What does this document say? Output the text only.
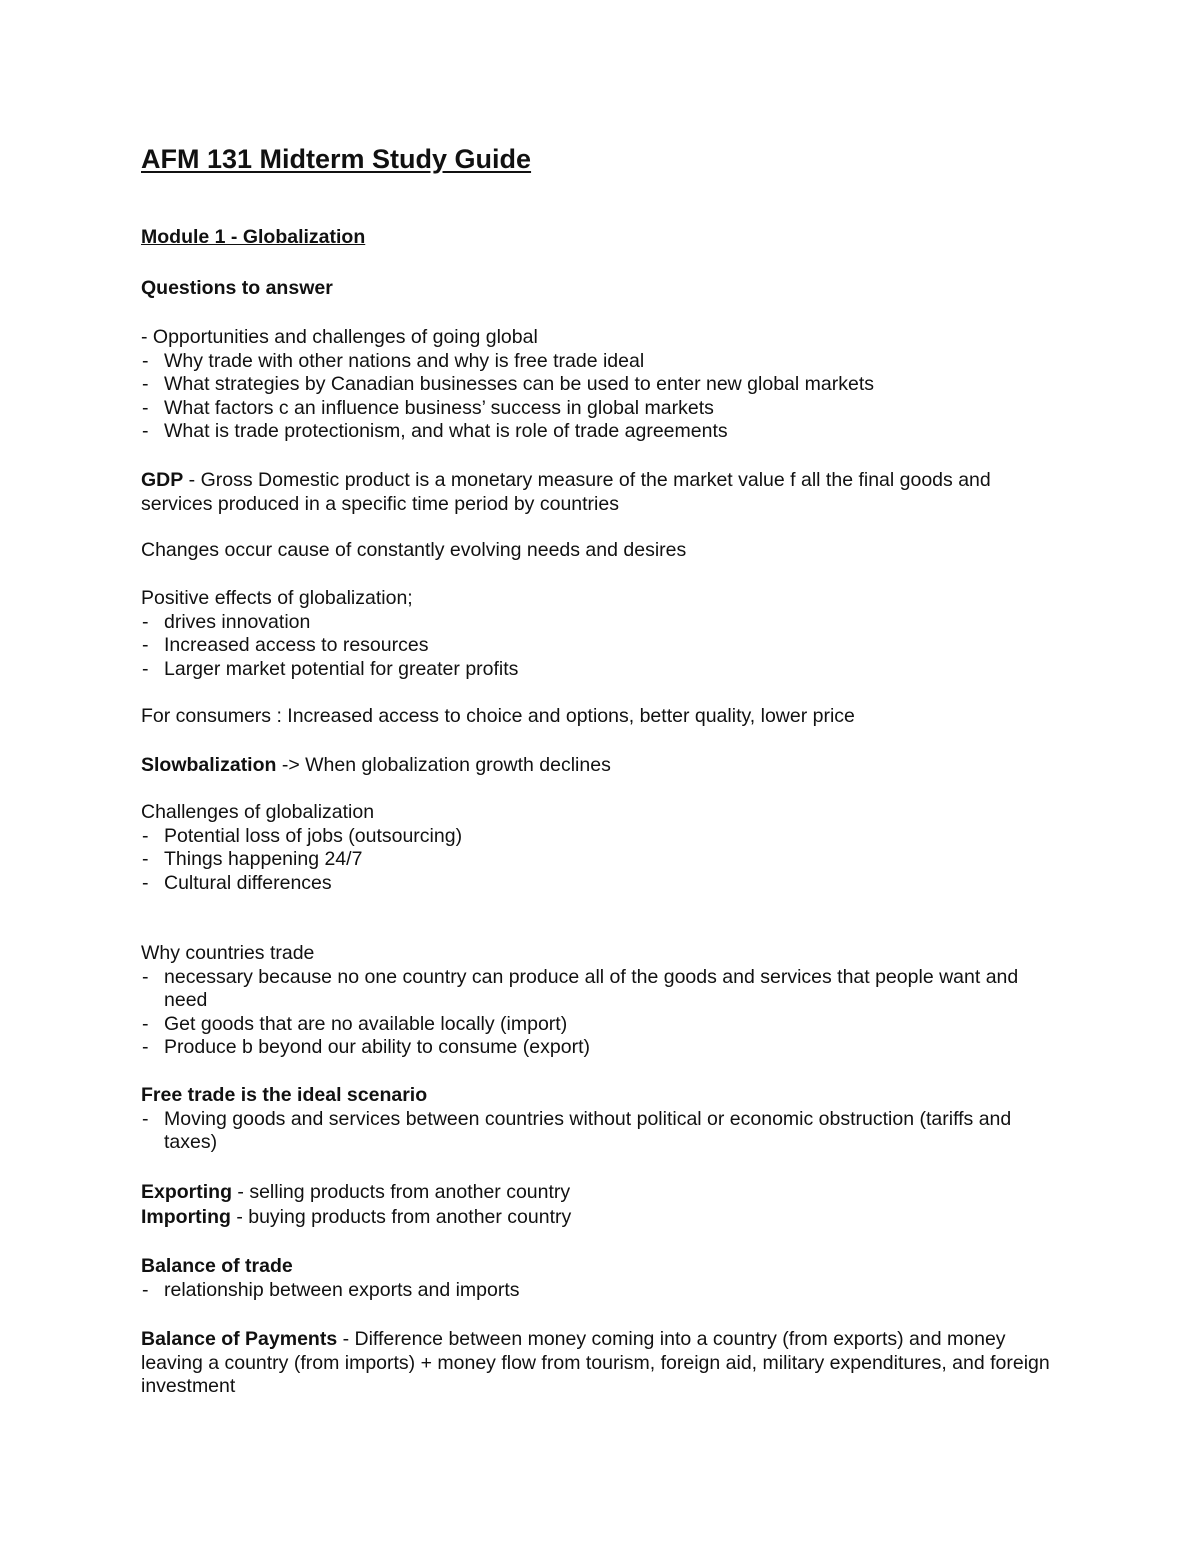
AFM 131 Midterm Study Guide
Module 1 - Globalization

Questions to answer

- Opportunities and challenges of going global

- Why trade with other nations and why is free trade ideal
- What strategies by Canadian businesses can be used to enter new global markets
- What factors c an influence business’ success in global markets
- What is trade protectionism, and what is role of trade agreements

GDP - Gross Domestic product is a monetary measure of the market value f all the final goods and services produced in a specific time period by countries

Changes occur cause of constantly evolving needs and desires

Positive effects of globalization;

- drives innovation
- Increased access to resources
- Larger market potential for greater profits

For consumers : Increased access to choice and options, better quality, lower price

Slowbalization -> When globalization growth declines

Challenges of globalization

- Potential loss of jobs (outsourcing)
- Things happening 24/7
- Cultural differences

Why countries trade

- necessary because no one country can produce all of the goods and services that people want and need
- Get goods that are no available locally (import)
- Produce b beyond our ability to consume (export)

Free trade is the ideal scenario

- Moving goods and services between countries without political or economic obstruction (tariffs and taxes)

Exporting - selling products from another country

Importing - buying products from another country

Balance of trade

- relationship between exports and imports

Balance of Payments - Difference between money coming into a country (from exports) and money leaving a country (from imports) + money flow from tourism, foreign aid, military expenditures, and foreign investment
